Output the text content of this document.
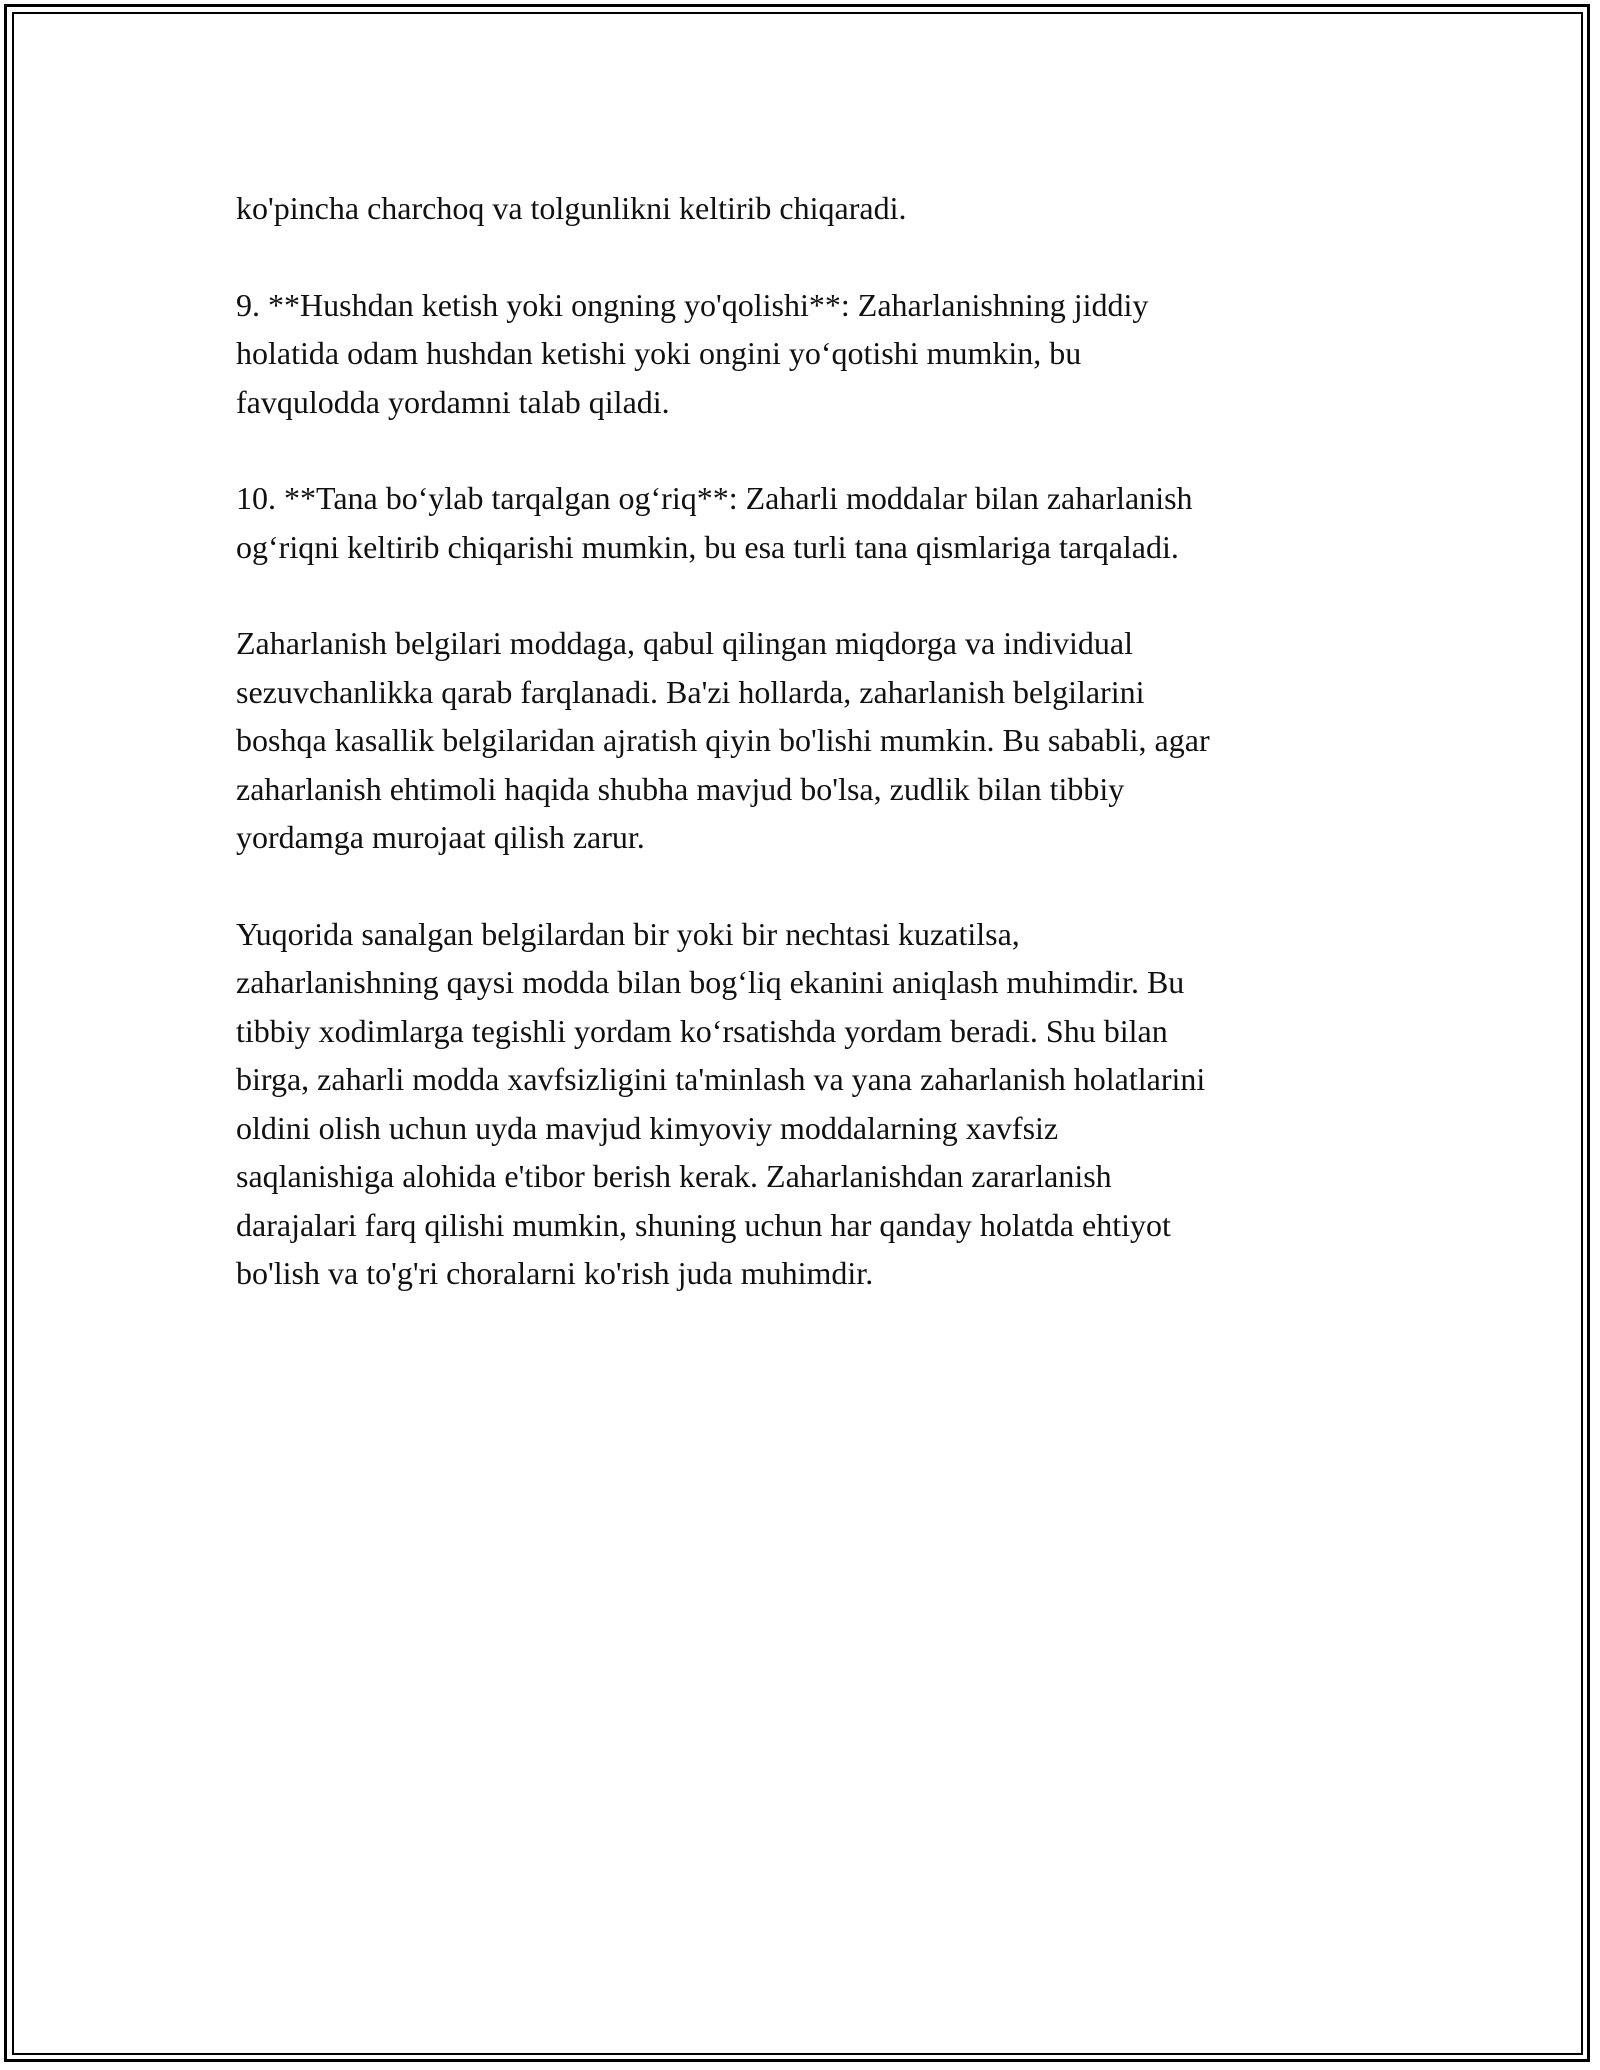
ko'pincha charchoq va tolgunlikni keltirib chiqaradi.

9. **Hushdan ketish yoki ongning yo'qolishi**: Zaharlanishning jiddiy
holatida odam hushdan ketishi yoki ongini yo‘qotishi mumkin, bu
favqulodda yordamni talab qiladi.

10. **Tana bo‘ylab tarqalgan og‘riq**: Zaharli moddalar bilan zaharlanish
og‘riqni keltirib chiqarishi mumkin, bu esa turli tana qismlariga tarqaladi.

Zaharlanish belgilari moddaga, qabul qilingan miqdorga va individual
sezuvchanlikka qarab farqlanadi. Ba'zi hollarda, zaharlanish belgilarini
boshqa kasallik belgilaridan ajratish qiyin bo'lishi mumkin. Bu sababli, agar
zaharlanish ehtimoli haqida shubha mavjud bo'lsa, zudlik bilan tibbiy
yordamga murojaat qilish zarur.

Yuqorida sanalgan belgilardan bir yoki bir nechtasi kuzatilsa,
zaharlanishning qaysi modda bilan bog‘liq ekanini aniqlash muhimdir. Bu
tibbiy xodimlarga tegishli yordam ko‘rsatishda yordam beradi. Shu bilan
birga, zaharli modda xavfsizligini ta'minlash va yana zaharlanish holatlarini
oldini olish uchun uyda mavjud kimyoviy moddalarning xavfsiz
saqlanishiga alohida e'tibor berish kerak. Zaharlanishdan zararlanish
darajalari farq qilishi mumkin, shuning uchun har qanday holatda ehtiyot
bo'lish va to'g'ri choralarni ko'rish juda muhimdir.
